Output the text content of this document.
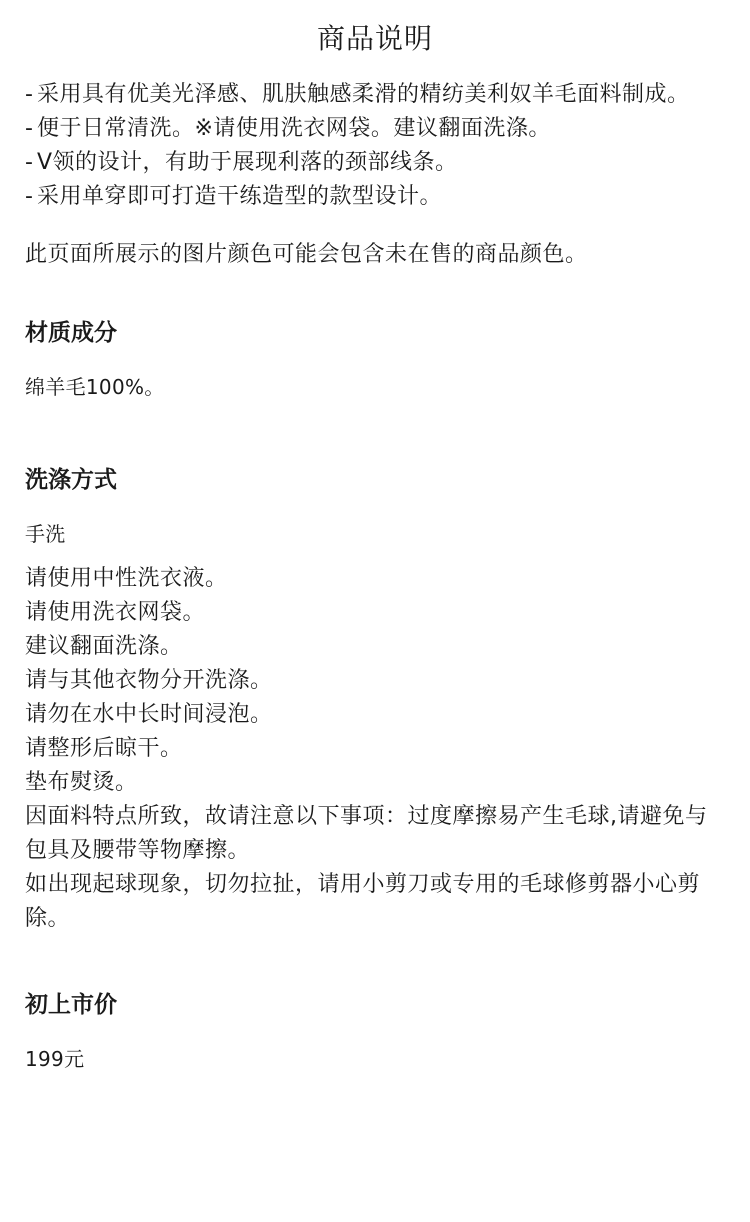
商品说明
- 采用具有优美光泽感、肌肤触感柔滑的精纺美利奴羊毛面料制成。
- 便于日常清洗。※请使用洗衣网袋。建议翻面洗涤。
- V领的设计，有助于展现利落的颈部线条。
- 采用单穿即可打造干练造型的款型设计。

此页面所展示的图片颜色可能会包含未在售的商品颜色。

材质成分

绵羊毛100%。

洗涤方式

手洗

请使用中性洗衣液。
请使用洗衣网袋。
建议翻面洗涤。
请与其他衣物分开洗涤。
请勿在水中长时间浸泡。
请整形后晾干。
垫布熨烫。
因面料特点所致，故请注意以下事项：过度摩擦易产生毛球,请避免与包具及腰带等物摩擦。
如出现起球现象，切勿拉扯，请用小剪刀或专用的毛球修剪器小心剪除。
初上市价

199元
